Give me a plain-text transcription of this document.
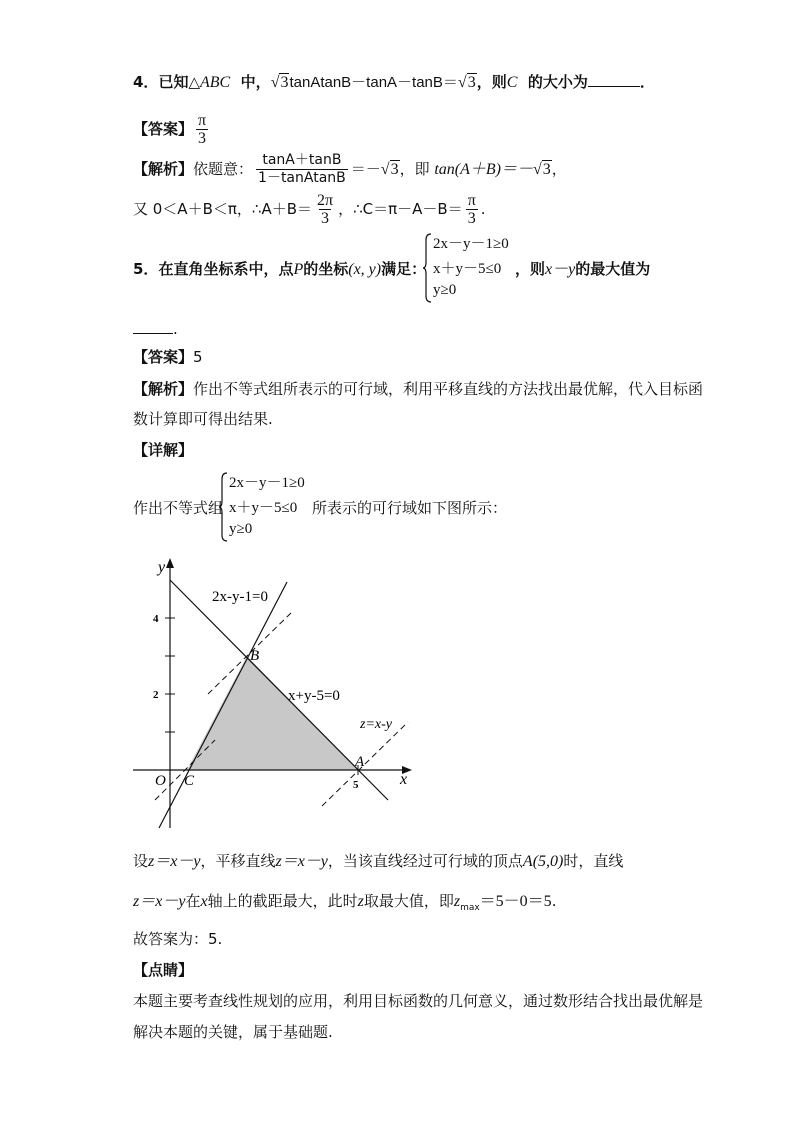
4．已知△ABC 中，√3tanAtanB－tanA－tanB＝√3，则C 的大小为	．
【答案】 $\frac{\pi}{3}$
【解析】依题意： $\frac{\tan A+\tan B}{\text{1－tanAtanB}} =-√3$，即 tan(A＋B)＝－√3，
又 0＜A＋B＜π，∴A＋B＝ $\frac{2\pi}{3}$ ，∴C＝π－A－B＝ $\frac{\pi}{3}$ .
5．在直角坐标系中，点P的坐标(x, y)满足：
2x－y－1≥0
x＋y－5≤0
y≥0
，则x－y的最大值为
.
【答案】5
【解析】作出不等式组所表示的可行域，利用平移直线的方法找出最优解，代入目标函
数计算即可得出结果.
【详解】
作出不等式组
2x－y－1≥0
x＋y－5≤0
y≥0
所表示的可行域如下图所示：
y
x
O
4
2
5
2x-y-1=0
x+y-5=0
z=x-y
A
B
C
设z＝x－y，平移直线z＝x－y，当该直线经过可行域的顶点A(5,0)时，直线
z＝x－y在x轴上的截距最大，此时z取最大值，即$z_{max}=5-0=5$.
故答案为：5.
【点睛】
本题主要考查线性规划的应用，利用目标函数的几何意义，通过数形结合找出最优解是
解决本题的关键，属于基础题.
